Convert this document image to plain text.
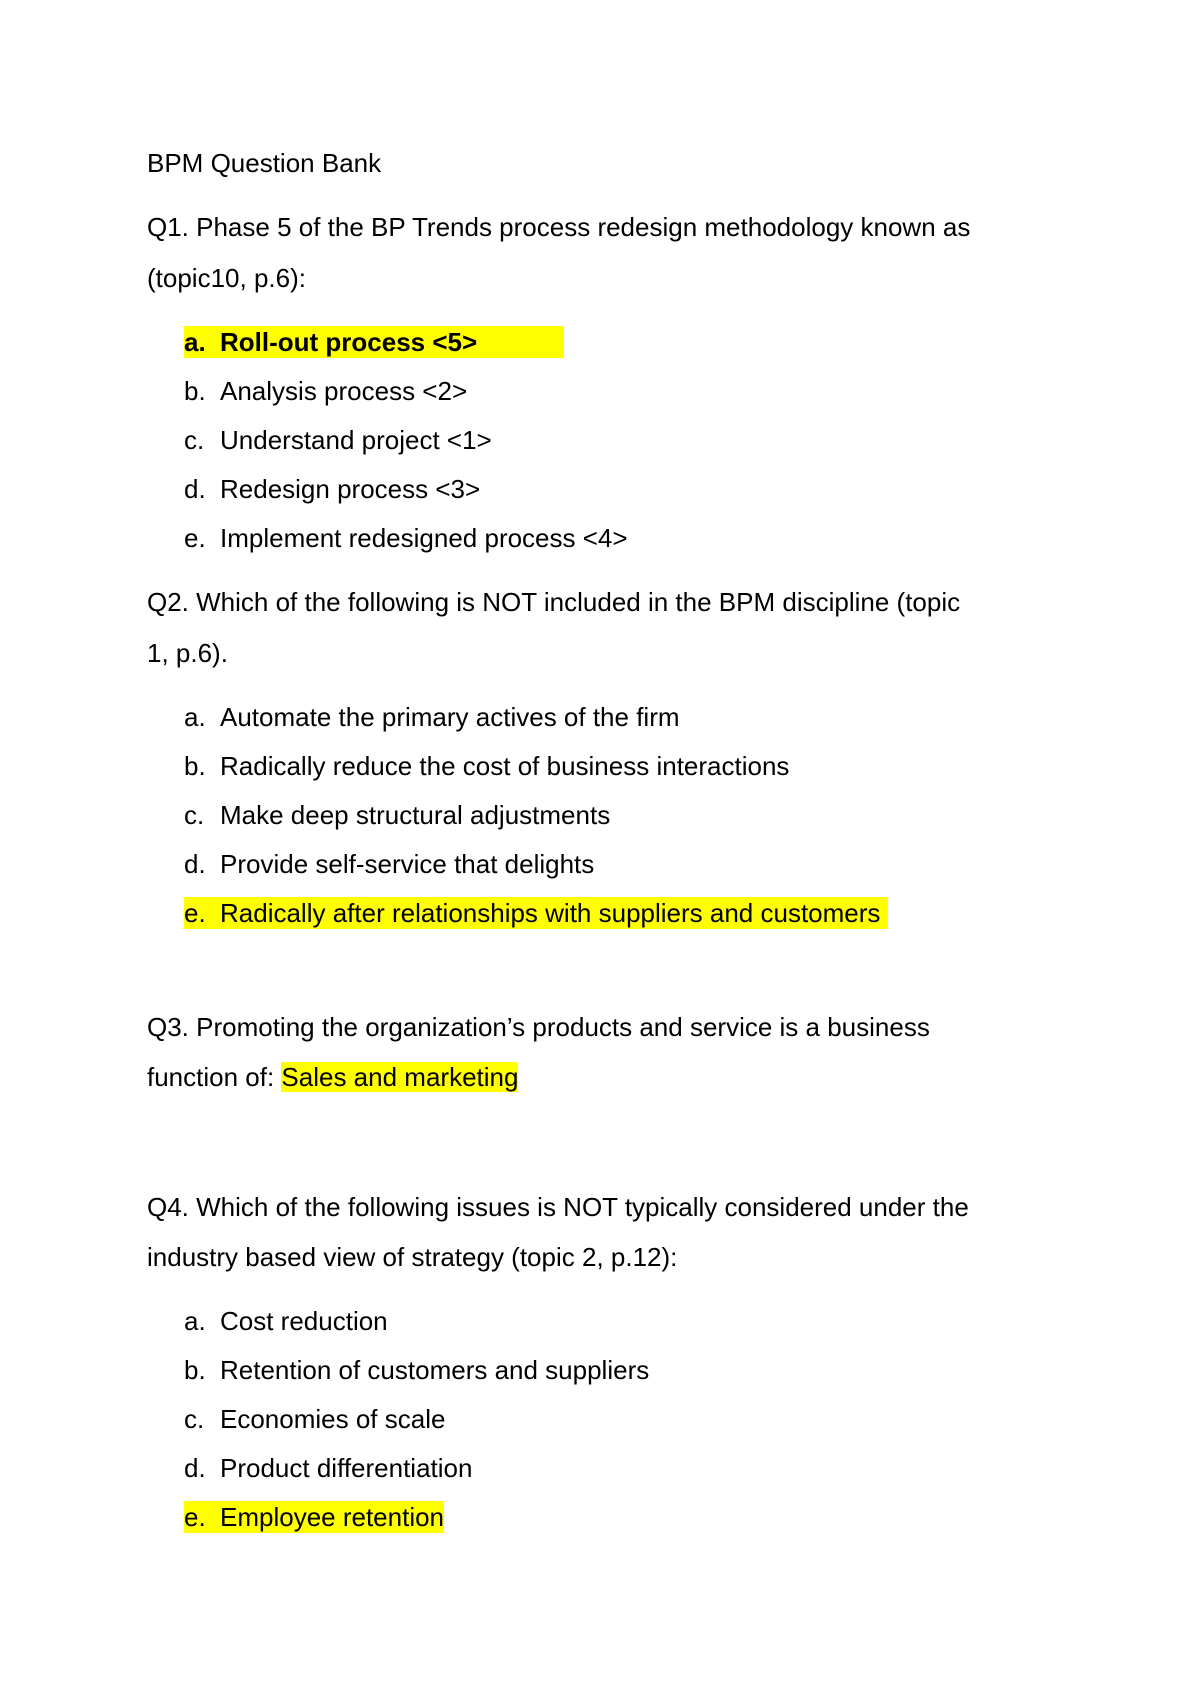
BPM Question Bank
Q1. Phase 5 of the BP Trends process redesign methodology known as
(topic10, p.6):
a. Roll-out process <5>
b. Analysis process <2>
c. Understand project <1>
d. Redesign process <3>
e. Implement redesigned process <4>
Q2. Which of the following is NOT included in the BPM discipline (topic
1, p.6).
a. Automate the primary actives of the firm
b. Radically reduce the cost of business interactions
c. Make deep structural adjustments
d. Provide self-service that delights
e. Radically after relationships with suppliers and customers
Q3. Promoting the organization’s products and service is a business
function of: Sales and marketing
Q4. Which of the following issues is NOT typically considered under the
industry based view of strategy (topic 2, p.12):
a. Cost reduction
b. Retention of customers and suppliers
c. Economies of scale
d. Product differentiation
e. Employee retention
